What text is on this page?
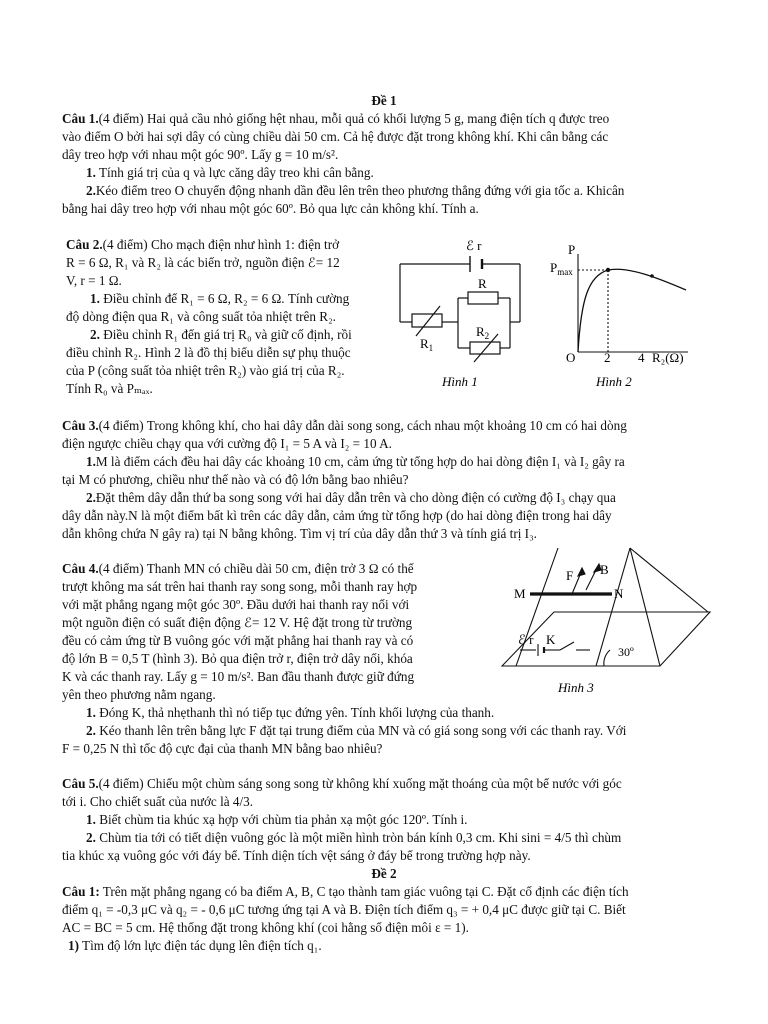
Đề 1
Câu 1.(4 điểm) Hai quả cầu nhỏ giống hệt nhau, mỗi quả có khối lượng 5 g, mang điện tích q được treo
vào điểm O bởi hai sợi dây có cùng chiều dài 50 cm. Cả hệ được đặt trong không khí. Khi cân bằng các
dây treo hợp với nhau một góc 90º. Lấy g = 10 m/s².
1. Tính giá trị của q và lực căng dây treo khi cân bằng.
2.Kéo điểm treo O chuyển động nhanh dần đều lên trên theo phương thẳng đứng với gia tốc a. Khicân
bằng hai dây treo hợp với nhau một góc 60º. Bỏ qua lực cản không khí. Tính a.
Câu 2.(4 điểm) Cho mạch điện như hình 1: điện trở
R = 6 Ω, R₁ và R₂ là các biến trở, nguồn điện ℰ= 12
V, r = 1 Ω.
1. Điều chỉnh để R₁ = 6 Ω, R₂ = 6 Ω. Tính cường
độ dòng điện qua R₁ và công suất tỏa nhiệt trên R₂.
2. Điều chỉnh R₁ đến giá trị R₀ và giữ cố định, rồi
điều chỉnh R₂. Hình 2 là đồ thị biểu diễn sự phụ thuộc
của P (công suất tỏa nhiệt trên R₂) vào giá trị của R₂.
Tính R₀ và Pₘₐₓ.
ℰ r
R
$R_1$
$R_2$
Hình 1
P
$P_{max}$
O 2 4 R₂(Ω)
Hình 2
Câu 3.(4 điểm) Trong không khí, cho hai dây dẫn dài song song, cách nhau một khoảng 10 cm có hai dòng
điện ngược chiều chạy qua với cường độ I₁ = 5 A và I₂ = 10 A.
1.M là điểm cách đều hai dây các khoảng 10 cm, cảm ứng từ tổng hợp do hai dòng điện I₁ và I₂ gây ra
tại M có phương, chiều như thế nào và có độ lớn bằng bao nhiêu?
2.Đặt thêm dây dẫn thứ ba song song với hai dây dẫn trên và cho dòng điện có cường độ I₃ chạy qua
dây dẫn này.N là một điểm bất kì trên các dây dẫn, cảm ứng từ tổng hợp (do hai dòng điện trong hai dây
dẫn không chứa N gây ra) tại N bằng không. Tìm vị trí của dây dẫn thứ 3 và tính giá trị I₃.
Câu 4.(4 điểm) Thanh MN có chiều dài 50 cm, điện trở 3 Ω có thể
trượt không ma sát trên hai thanh ray song song, mỗi thanh ray hợp
với mặt phẳng ngang một góc 30º. Đầu dưới hai thanh ray nối với
một nguồn điện có suất điện động ℰ= 12 V. Hệ đặt trong từ trường
đều có cảm ứng từ B vuông góc với mặt phẳng hai thanh ray và có
độ lớn B = 0,5 T (hình 3). Bỏ qua điện trở r, điện trở dây nối, khóa
K và các thanh ray. Lấy g = 10 m/s². Ban đầu thanh được giữ đứng
yên theo phương nằm ngang.
1. Đóng K, thả nhẹthanh thì nó tiếp tục đứng yên. Tính khối lượng của thanh.
2. Kéo thanh lên trên bằng lực F đặt tại trung điểm của MN và có giá song song với các thanh ray. Với
F = 0,25 N thì tốc độ cực đại của thanh MN bằng bao nhiêu?
M	N
F B
ℰ r K
30º
Hình 3
Câu 5.(4 điểm) Chiếu một chùm sáng song song từ không khí xuống mặt thoáng của một bể nước với góc
tới i. Cho chiết suất của nước là 4/3.
1. Biết chùm tia khúc xạ hợp với chùm tia phản xạ một góc 120º. Tính i.
2. Chùm tia tới có tiết diện vuông góc là một miền hình tròn bán kính 0,3 cm. Khi sini = 4/5 thì chùm
tia khúc xạ vuông góc với đáy bể. Tính diện tích vệt sáng ở đáy bể trong trường hợp này.
Đề 2
Câu 1: Trên mặt phẳng ngang có ba điểm A, B, C tạo thành tam giác vuông tại C. Đặt cố định các điện tích
điểm q₁ = -0,3 μC và q₂ = - 0,6 μC tương ứng tại A và B. Điện tích điểm q₃ = + 0,4 μC được giữ tại C. Biết
AC = BC = 5 cm. Hệ thống đặt trong không khí (coi hằng số điện môi ε = 1).
1) Tìm độ lớn lực điện tác dụng lên điện tích q₁.
